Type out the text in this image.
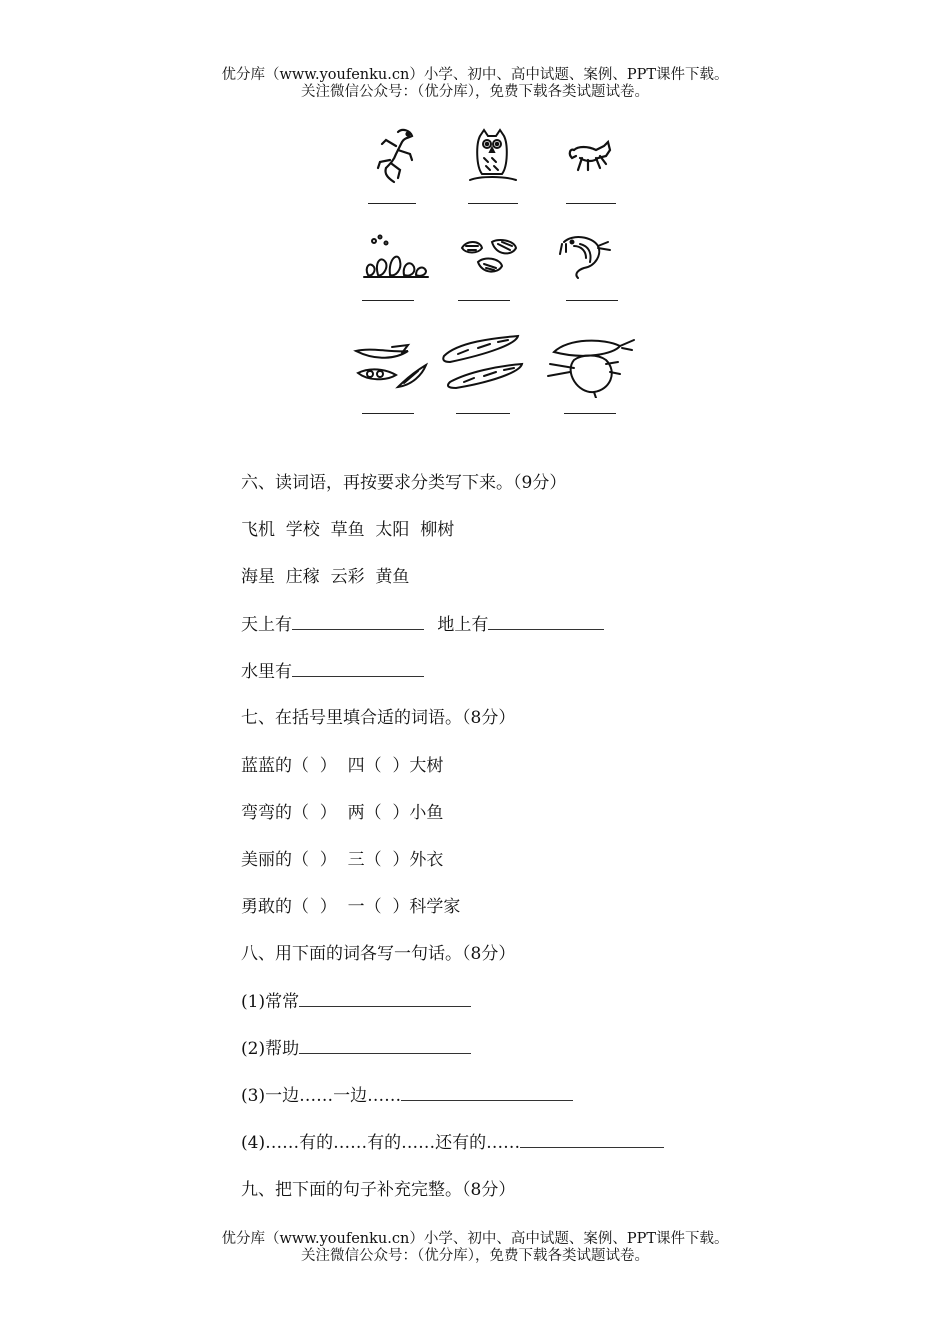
优分库（www.youfenku.cn）小学、初中、高中试题、案例、PPT课件下载。
关注微信公众号：（优分库），免费下载各类试题试卷。
六、读词语，再按要求分类写下来。（9分）
飞机  学校  草鱼  太阳  柳树
海星  庄稼  云彩  黄鱼
天上有	地上有
水里有
七、在括号里填合适的词语。（8分）
蓝蓝的（  ）  四（  ）大树
弯弯的（  ）  两（  ）小鱼
美丽的（  ）  三（  ）外衣
勇敢的（  ）  一（  ）科学家
八、用下面的词各写一句话。（8分）
(1)常常
(2)帮助
(3)一边……一边……
(4)……有的……有的……还有的……
九、把下面的句子补充完整。（8分）
优分库（www.youfenku.cn）小学、初中、高中试题、案例、PPT课件下载。
关注微信公众号：（优分库），免费下载各类试题试卷。
